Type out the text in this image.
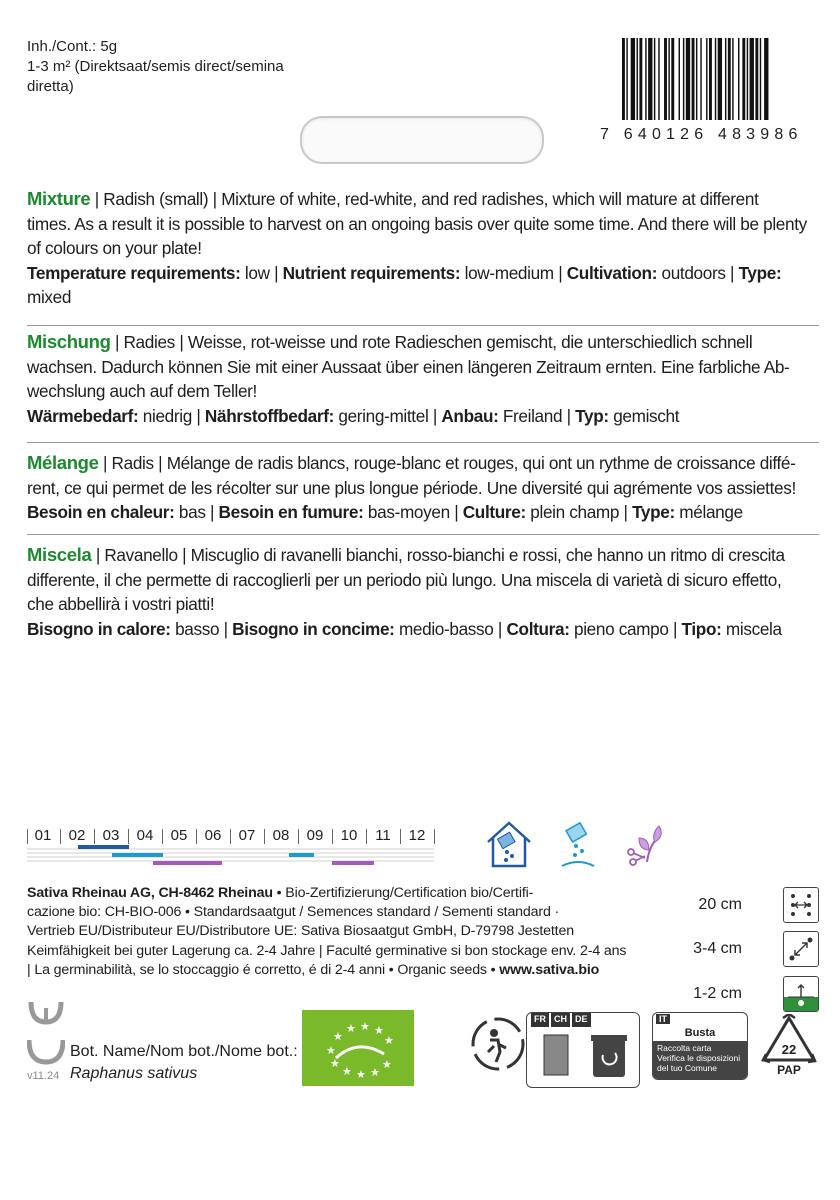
Inh./Cont.: 5g
1-3 m² (Direktsaat/semis direct/semina
diretta)
7 640126 483986
Mixture | Radish (small) | Mixture of white, red-white, and red radishes, which will mature at different
times. As a result it is possible to harvest on an ongoing basis over quite some time. And there will be plenty
of colours on your plate!
Temperature requirements: low | Nutrient requirements: low-medium | Cultivation: outdoors | Type:
mixed
Mischung | Radies | Weisse, rot-weisse und rote Radieschen gemischt, die unterschiedlich schnell
wachsen. Dadurch können Sie mit einer Aussaat über einen längeren Zeitraum ernten. Eine farbliche Ab-
wechslung auch auf dem Teller!
Wärmebedarf: niedrig | Nährstoffbedarf: gering-mittel | Anbau: Freiland | Typ: gemischt
Mélange | Radis | Mélange de radis blancs, rouge-blanc et rouges, qui ont un rythme de croissance diffé-
rent, ce qui permet de les récolter sur une plus longue période. Une diversité qui agrémente vos assiettes!
Besoin en chaleur: bas | Besoin en fumure: bas-moyen | Culture: plein champ | Type: mélange
Miscela | Ravanello | Miscuglio di ravanelli bianchi, rosso-bianchi e rossi, che hanno un ritmo di crescita
differente, il che permette di raccoglierli per un periodo più lungo. Una miscela di varietà di sicuro effetto,
che abbellirà i vostri piatti!
Bisogno in calore: basso | Bisogno in concime: medio-basso | Coltura: pieno campo | Tipo: miscela
01	02	03	04	05	06	07	08	09	10	11	12
Sativa Rheinau AG, CH-8462 Rheinau • Bio-Zertifizierung/Certification bio/Certifi-
cazione bio: CH-BIO-006 • Standardsaatgut / Semences standard / Sementi standard ·
Vertrieb EU/Distributeur EU/Distributore UE: Sativa Biosaatgut GmbH, D-79798 Jestetten
Keimfähigkeit bei guter Lagerung ca. 2-4 Jahre | Faculté germinative si bon stockage env. 2-4 ans
| La germinabilità, se lo stoccaggio é corretto, é di 2-4 anni • Organic seeds • www.sativa.bio
20 cm
3-4 cm
1-2 cm
Bot. Name/Nom bot./Nome bot.:
Raphanus sativus
v11.24
★
★ ★ ★
★
★
★
★ ★ ★
★
FR CH DE	IT
Busta
Raccolta carta
Verifica le disposizioni
del tuo Comune
22
PAP
